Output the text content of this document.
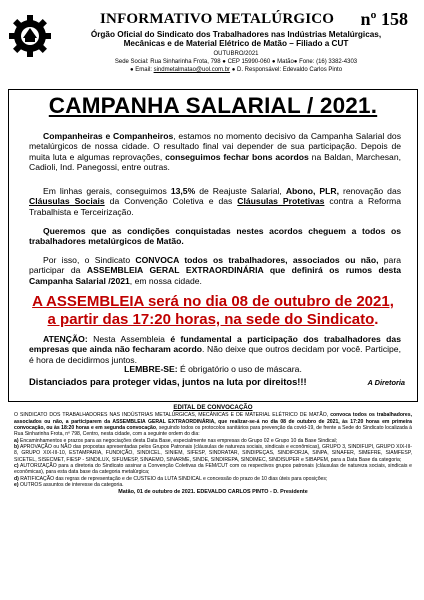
INFORMATIVO METALÚRGICO nº 158
Órgão Oficial do Sindicato dos Trabalhadores nas Indústrias Metalúrgicas,
Mecânicas e de Material Elétrico de Matão – Filiado a CUT
OUTUBRO/2021
Sede Social: Rua Sinharinha Frota, 798 ● CEP 15990-060 ● Matão● Fone: (16) 3382-4303
● Email: sindmetalmatao@uol.com.br ● D. Responsável: Edevaldo Carlos Pinto
CAMPANHA SALARIAL / 2021.
Companheiras e Companheiros, estamos no momento decisivo da Campanha Salarial dos metalúrgicos de nossa cidade. O resultado final vai depender de sua participação. Depois de muita luta e algumas reprovações, conseguimos fechar bons acordos na Baldan, Marchesan, Cadioli, Ind. Panegossi, entre outras.
Em linhas gerais, conseguimos 13,5% de Reajuste Salarial, Abono, PLR, renovação das Cláusulas Sociais da Convenção Coletiva e das Cláusulas Protetivas contra a Reforma Trabalhista e Terceirização.
Queremos que as condições conquistadas nestes acordos cheguem a todos os trabalhadores metalúrgicos de Matão.
Por isso, o Sindicato CONVOCA todos os trabalhadores, associados ou não, para participar da ASSEMBLEIA GERAL EXTRAORDINÁRIA que definirá os rumos desta Campanha Salarial /2021, em nossa cidade.
A ASSEMBLEIA será no dia 08 de outubro de 2021,
a partir das 17:20 horas, na sede do Sindicato.
ATENÇÃO: Nesta Assembleia é fundamental a participação dos trabalhadores das empresas que ainda não fecharam acordo. Não deixe que outros decidam por você. Participe, é hora de decidirmos juntos.
LEMBRE-SE: É obrigatório o uso de máscara.
Distanciados para proteger vidas, juntos na luta por direitos!!!	A Diretoria
EDITAL DE CONVOCAÇÃO

O SINDICATO DOS TRABALHADORES NAS INDÚSTRIAS METALÚRGICAS, MECÂNICAS E DE MATERIAL ELÉTRICO DE MATÃO, convoca todos os trabalhadores, associados ou não, a participarem da ASSEMBLEIA GERAL EXTRAORDINÁRIA, que realizar-se-á no dia 08 de outubro de 2021, às 17:20 horas em primeira convocação, ou às 18:20 horas e em segunda convocação, seguindo todos os protocolos sanitários para prevenção da covid-19, de frente a Sede do Sindicato localizada à Rua Sinharinha Frota, nº 798, Centro, nesta cidade, com a seguinte ordem do dia:

a) Encaminhamentos e prazos para as negociações desta Data Base, especialmente nas empresas do Grupo 02 e Grupo 10 da Base Sindical;

b) APROVAÇÃO ou NÃO das propostas apresentadas pelos Grupos Patronais (cláusulas de natureza sociais, sindicais e econômicas), GRUPO 3, SINDIFUPI, GRUPO XIX-III-8, GRUPO XIX-III-10, ESTAMPARIA, FUNDIÇÃO, SINDICEL, SINIEM, SIFESP, SINDRATAR, SINDIPEÇAS, SINDIFORJA, SINPA, SINAFER, SIMEFRE, SIAMFESP, SICETEL, SISECMET, FIESP - SINDILUX, SIFUMESP, SINAEMO, SINARME, SINDE, SINDIREPA, SINDIMEC, SINDISUPER e SIBAPEM, para a Data Base da categoria;

c) AUTORIZAÇÃO para a diretoria do Sindicato assinar a Convenção Coletivas da FEM/CUT com os respectivos grupos patronais (cláusulas de natureza sociais, sindicais e econômicas), para esta data base da categoria metalúrgica;

d) RATIFICAÇÃO das regras de representação e de CUSTEIO da LUTA SINDICAL e concessão do prazo de 10 dias úteis para oposições;

e) OUTROS assuntos de interesse da categoria.

Matão, 01 de outubro de 2021. EDEVALDO CARLOS PINTO - D. Presidente
